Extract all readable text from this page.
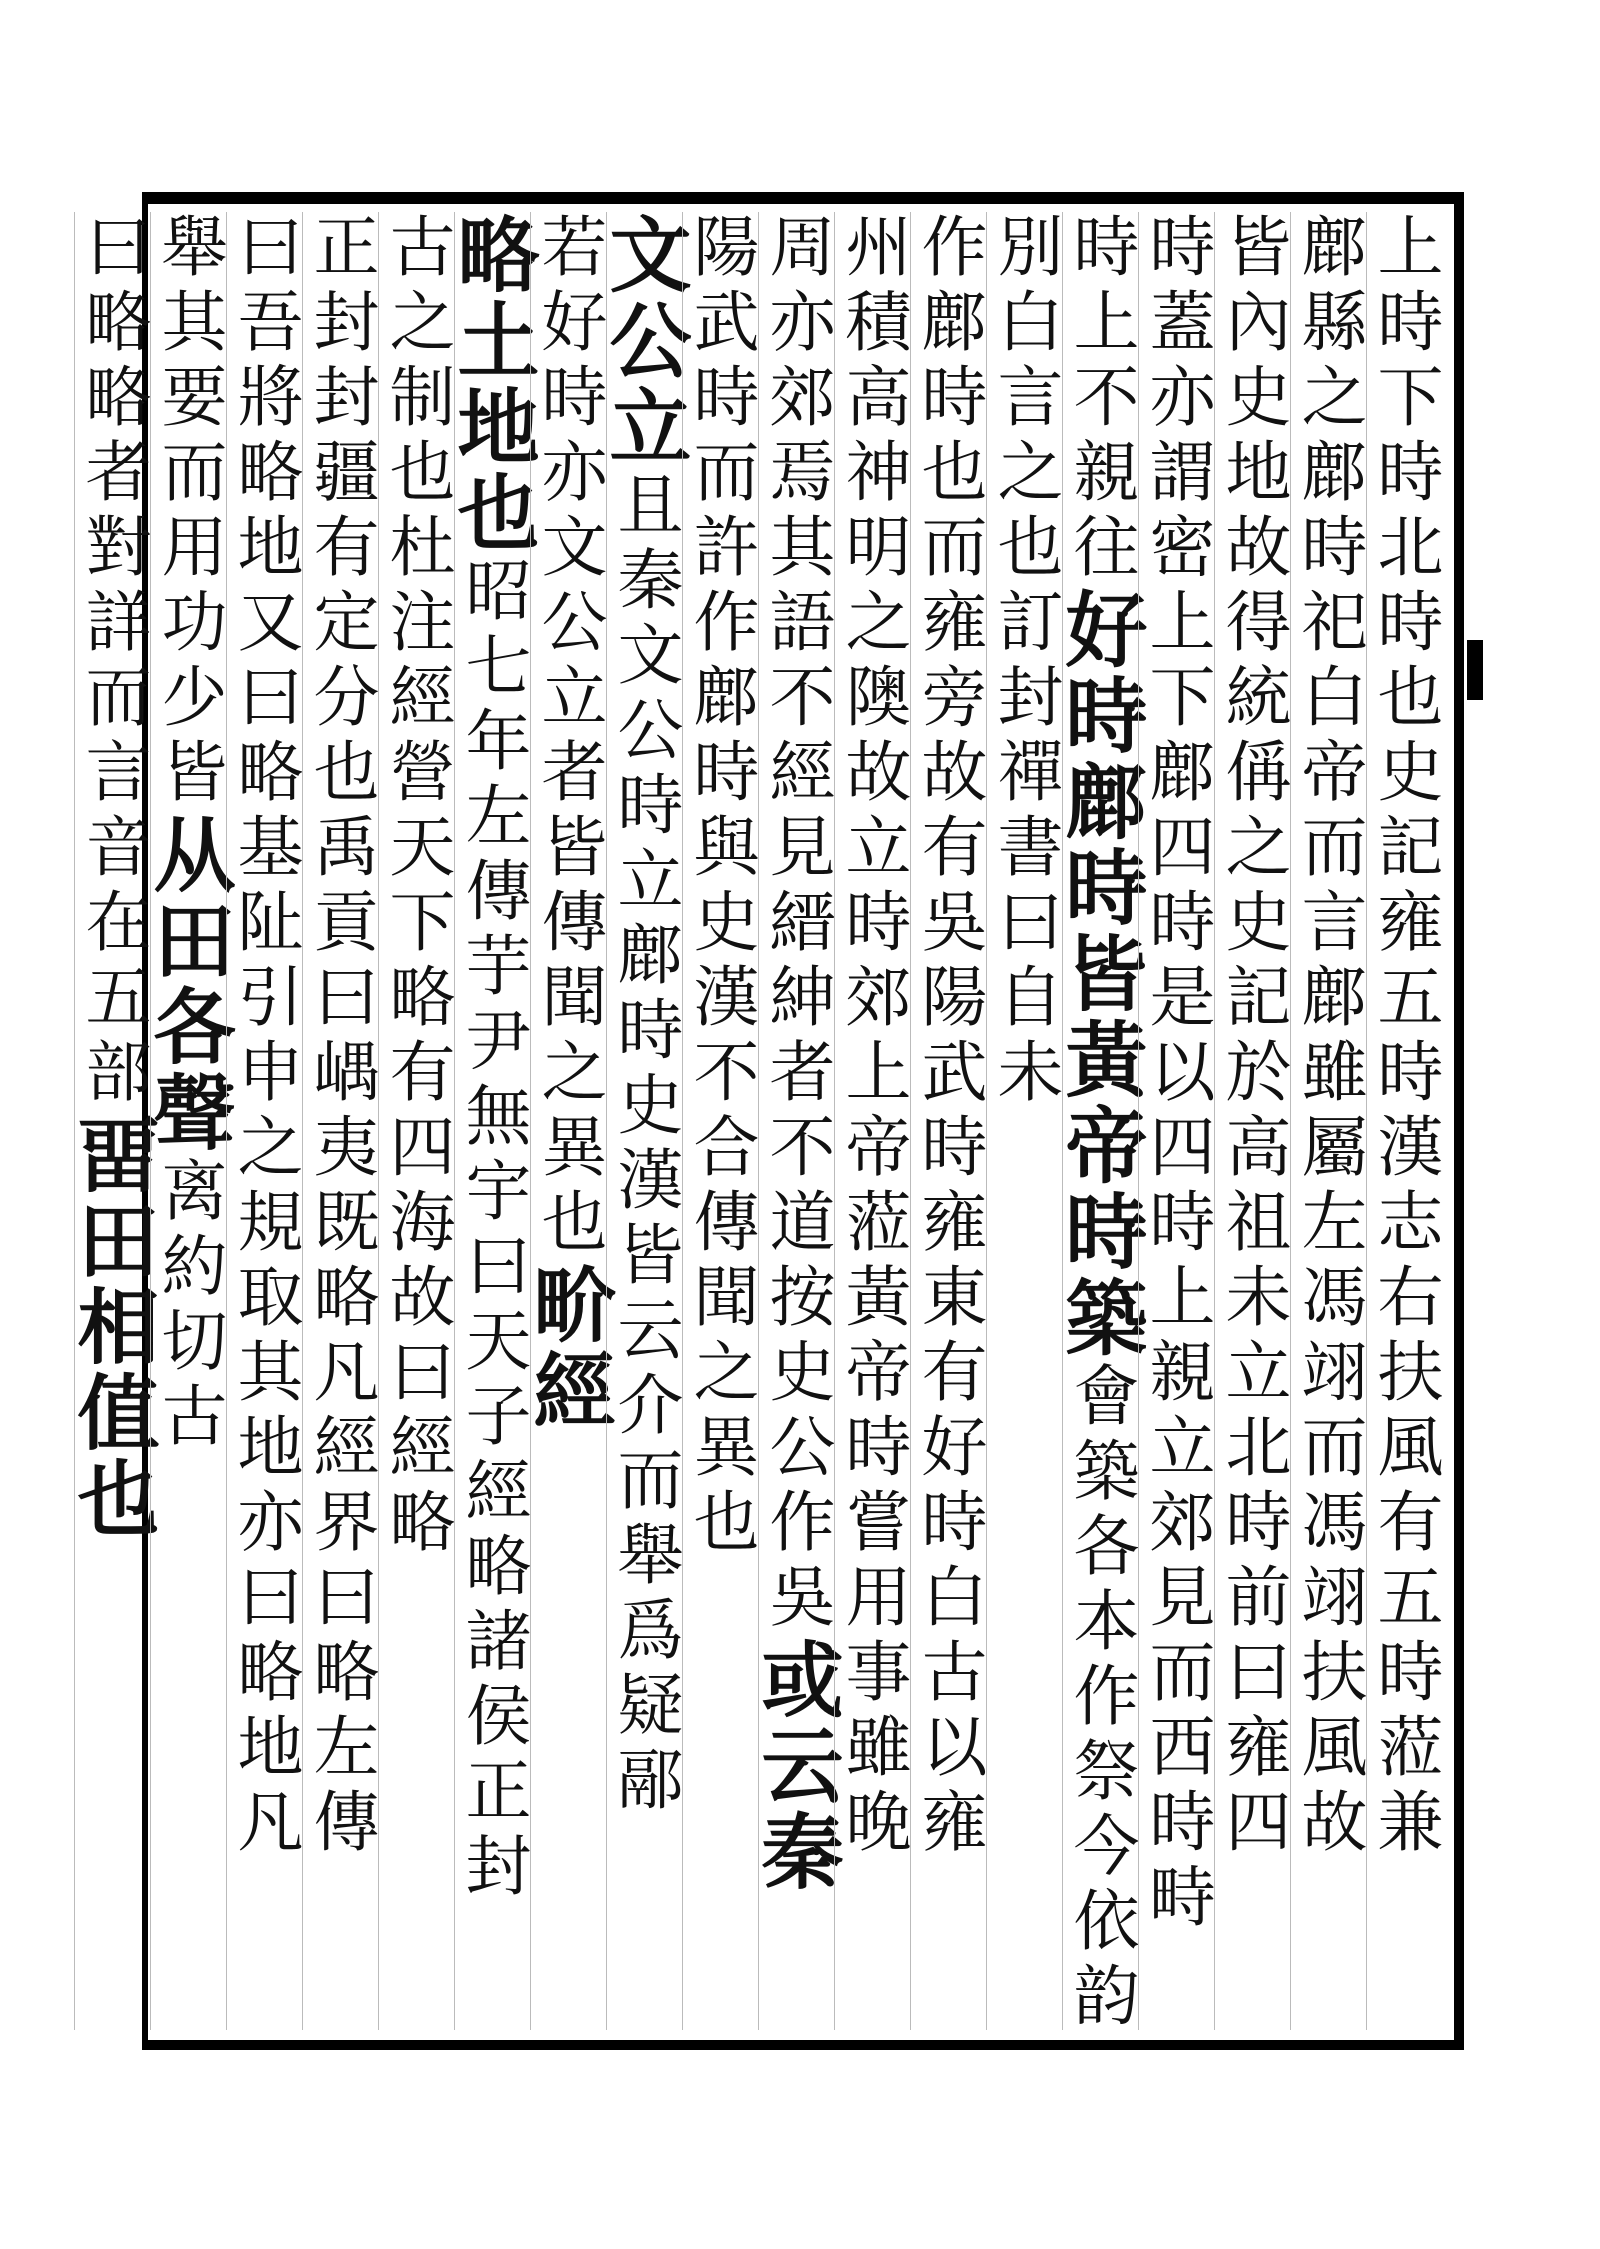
上時下時北時也史記雍五時漢志右扶風有五時蒞兼
鄜縣之鄜時祀白帝而言鄜雖屬左馮翊而馮翊扶風故
皆內史地故得統偁之史記於高祖未立北時前曰雍四
時蓋亦謂密上下鄜四時是以四時上親立郊見而西時畤
時上不親往好時鄜時皆黃帝時築會築各本作祭今依韵
別白言之也訂封禪書曰自未
作鄜時也而雍旁故有吳陽武時雍東有好時白古以雍
州積高神明之隩故立時郊上帝蒞黃帝時嘗用事雖晚
周亦郊焉其語不經見縉紳者不道按史公作吳或云秦
陽武時而許作鄜時與史漢不合傳聞之異也
文公立且秦文公時立鄜時史漢皆云介而舉爲疑䣓
若好時亦文公立者皆傳聞之異也畍經
略土地也昭七年左傳芋尹無宇曰天子經略諸侯正封
古之制也杜注經營天下略有四海故曰經略
正封封疆有定分也禹貢曰嵎夷既略凡經界曰略左傳
曰吾將略地又曰略基阯引申之規取其地亦曰略地凡
舉其要而用功少皆从田各聲离約切古
曰略略者對詳而言音在五部畱田相值也
